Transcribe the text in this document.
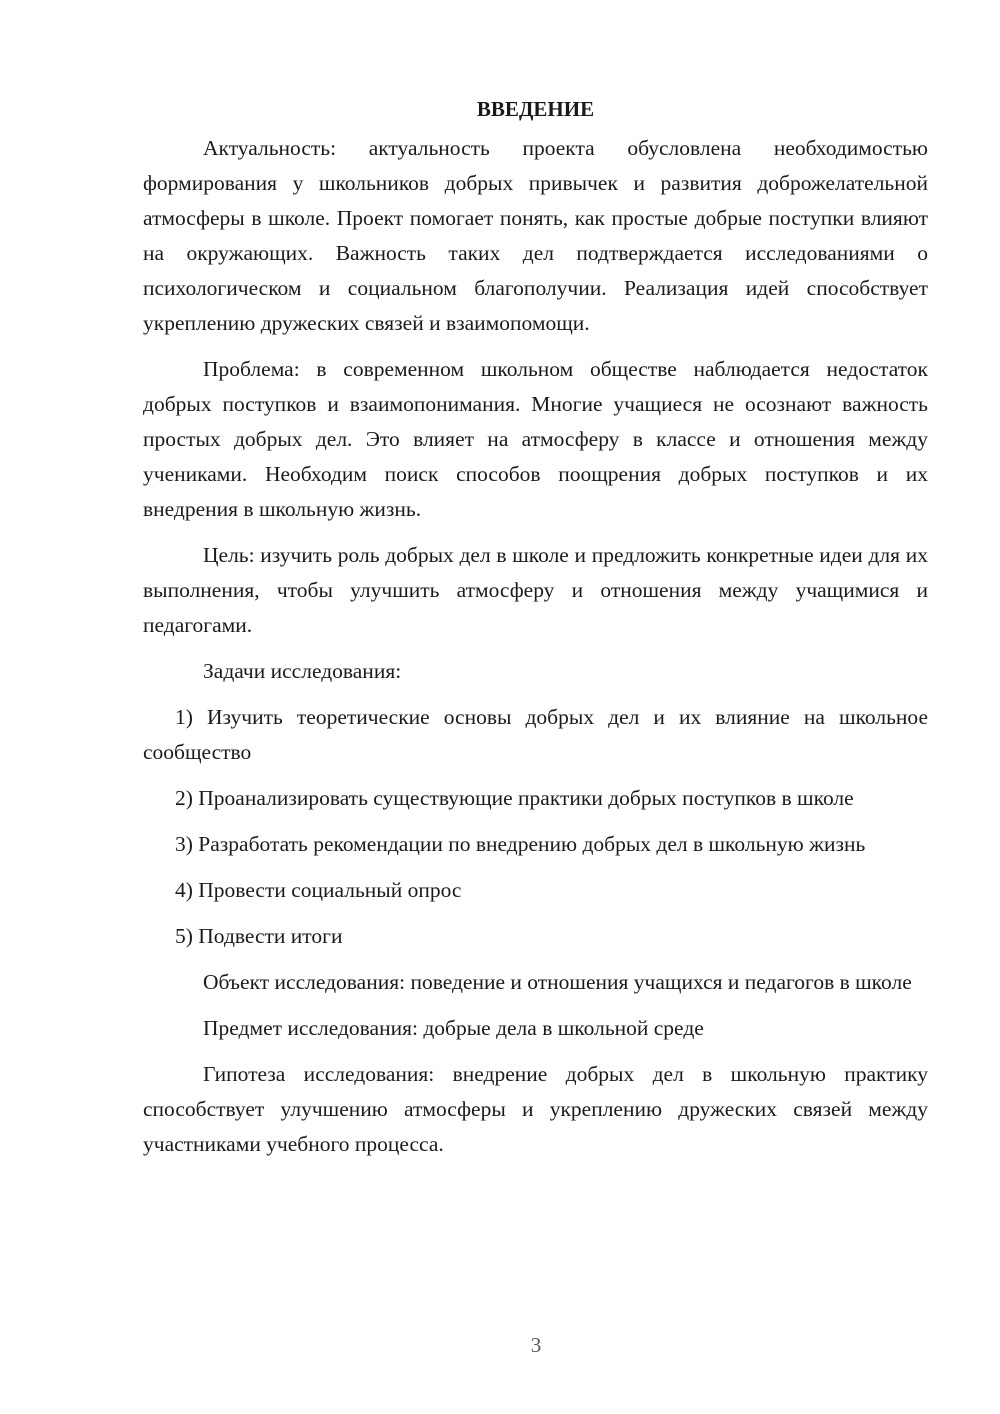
ВВЕДЕНИЕ

Актуальность: актуальность проекта обусловлена необходимостью формирования у школьников добрых привычек и развития доброжелательной атмосферы в школе. Проект помогает понять, как простые добрые поступки влияют на окружающих. Важность таких дел подтверждается исследованиями о психологическом и социальном благополучии. Реализация идей способствует укреплению дружеских связей и взаимопомощи.

Проблема: в современном школьном обществе наблюдается недостаток добрых поступков и взаимопонимания. Многие учащиеся не осознают важность простых добрых дел. Это влияет на атмосферу в классе и отношения между учениками. Необходим поиск способов поощрения добрых поступков и их внедрения в школьную жизнь.

Цель: изучить роль добрых дел в школе и предложить конкретные идеи для их выполнения, чтобы улучшить атмосферу и отношения между учащимися и педагогами.

Задачи исследования:

1) Изучить теоретические основы добрых дел и их влияние на школьное сообщество

2) Проанализировать существующие практики добрых поступков в школе

3) Разработать рекомендации по внедрению добрых дел в школьную жизнь

4) Провести социальный опрос

5) Подвести итоги

Объект исследования: поведение и отношения учащихся и педагогов в школе

Предмет исследования: добрые дела в школьной среде

Гипотеза исследования: внедрение добрых дел в школьную практику способствует улучшению атмосферы и укреплению дружеских связей между участниками учебного процесса.

3
